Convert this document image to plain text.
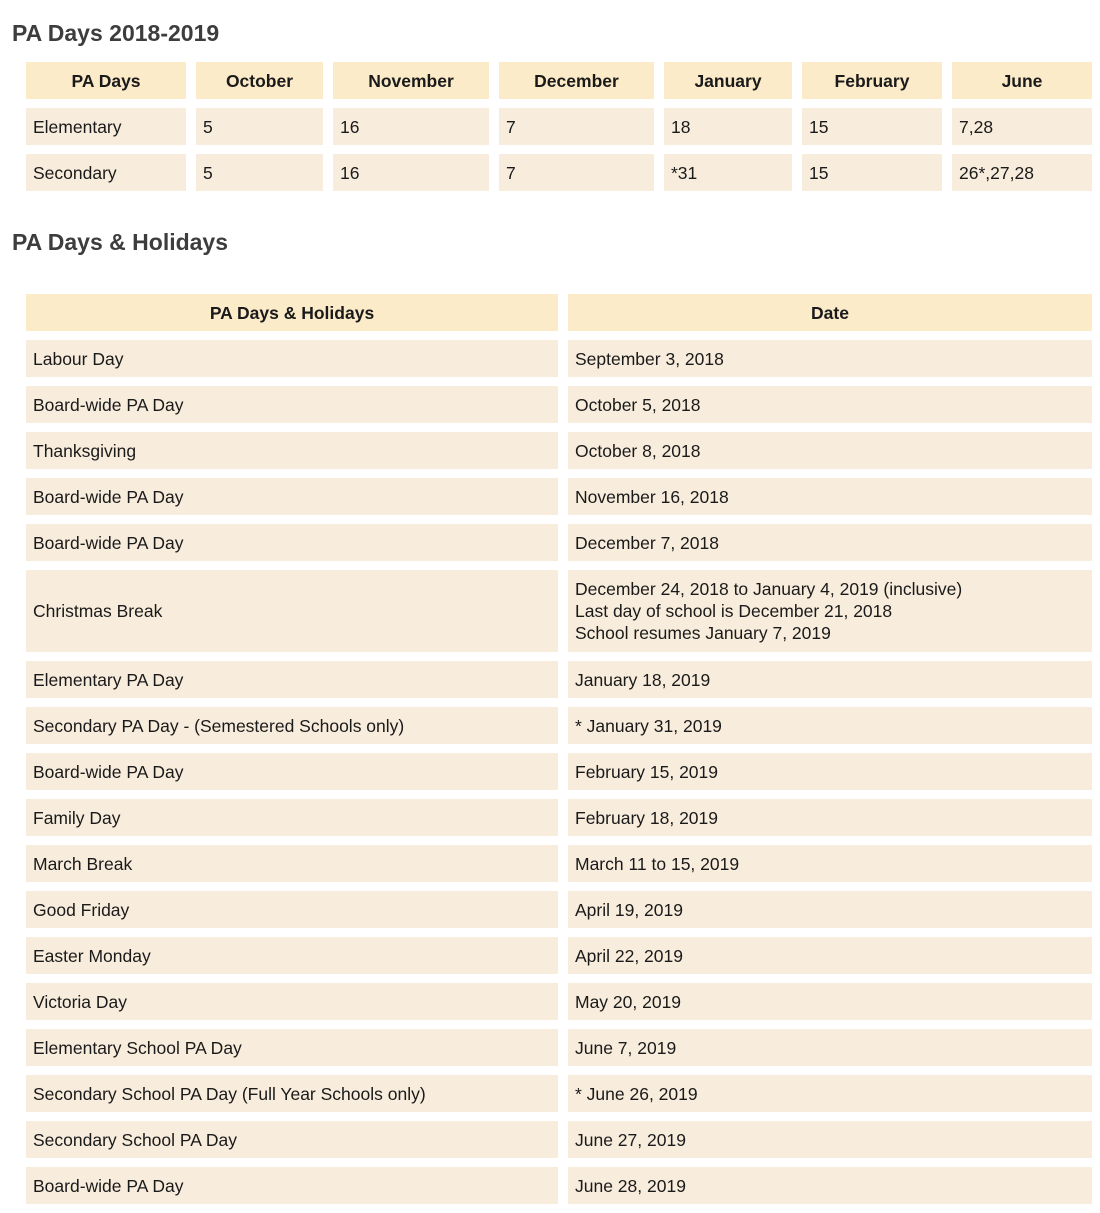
PA Days 2018-2019
PA Days	October	November	December	January	February	June
Elementary	5	16	7	18	15	7,28
Secondary	5	16	7	*31	15	26*,27,28
PA Days & Holidays
PA Days & Holidays	Date
Labour Day	September 3, 2018

Board-wide PA Day	October 5, 2018

Thanksgiving	October 8, 2018

Board-wide PA Day	November 16, 2018

Board-wide PA Day	December 7, 2018

Christmas Break	December 24, 2018 to January 4, 2019 (inclusive)
Last day of school is December 21, 2018
School resumes January 7, 2019

Elementary PA Day	January 18, 2019

Secondary PA Day - (Semestered Schools only)	* January 31, 2019

Board-wide PA Day	February 15, 2019

Family Day	February 18, 2019

March Break	March 11 to 15, 2019

Good Friday	April 19, 2019

Easter Monday	April 22, 2019

Victoria Day	May 20, 2019

Elementary School PA Day	June 7, 2019

Secondary School PA Day (Full Year Schools only)	* June 26, 2019

Secondary School PA Day	June 27, 2019

Board-wide PA Day	June 28, 2019
